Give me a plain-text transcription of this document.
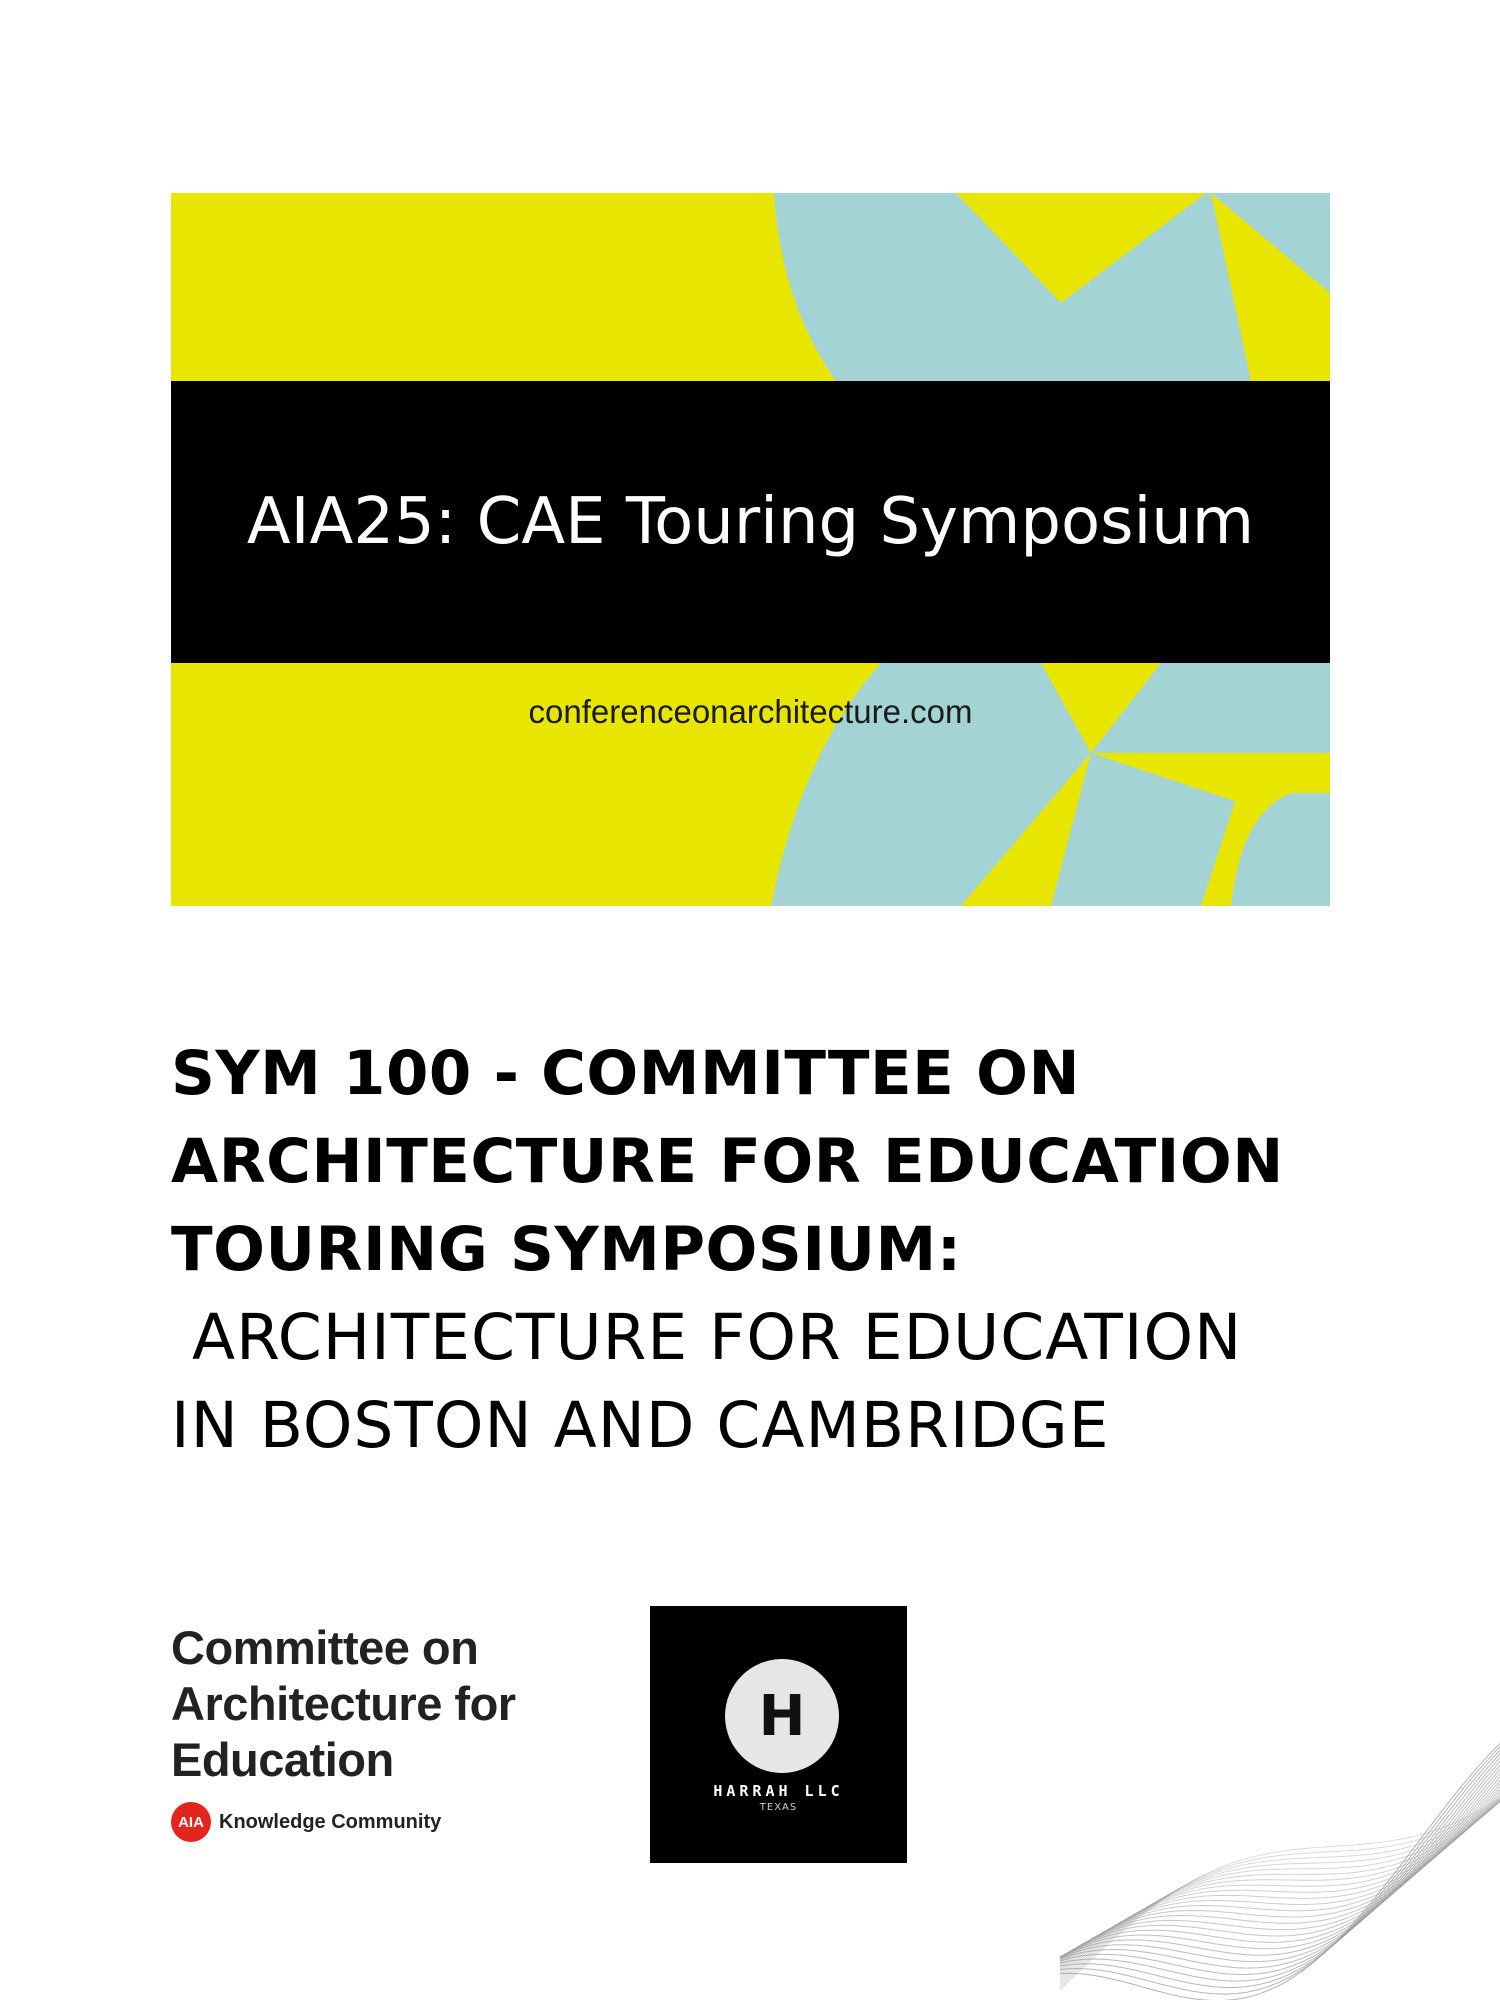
AIA25: CAE Touring Symposium
conferenceonarchitecture.com
SYM 100 - COMMITTEE ON
ARCHITECTURE FOR EDUCATION
TOURING SYMPOSIUM:
ARCHITECTURE FOR EDUCATION
IN BOSTON AND CAMBRIDGE
Committee on
Architecture for
Education
AIA Knowledge Community
H
HARRAH LLC
TEXAS
